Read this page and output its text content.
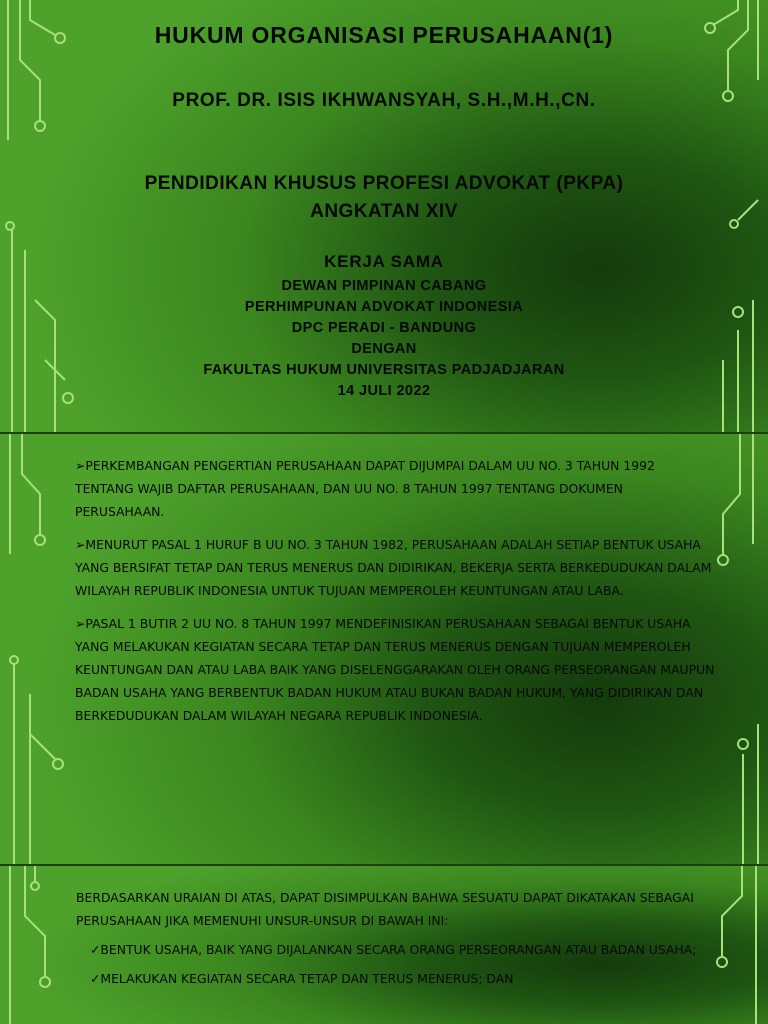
HUKUM ORGANISASI PERUSAHAAN(1)
PROF. DR. ISIS IKHWANSYAH, S.H.,M.H.,CN.
PENDIDIKAN KHUSUS PROFESI ADVOKAT (PKPA)
ANGKATAN XIV
KERJA SAMA
DEWAN PIMPINAN CABANG
PERHIMPUNAN ADVOKAT INDONESIA
DPC PERADI - BANDUNG
DENGAN
FAKULTAS HUKUM UNIVERSITAS PADJADJARAN
14 JULI 2022
➢PERKEMBANGAN PENGERTIAN PERUSAHAAN DAPAT DIJUMPAI DALAM UU NO. 3 TAHUN 1992 TENTANG WAJIB DAFTAR PERUSAHAAN, DAN UU NO. 8 TAHUN 1997 TENTANG DOKUMEN PERUSAHAAN.
➢MENURUT PASAL 1 HURUF B UU NO. 3 TAHUN 1982, PERUSAHAAN ADALAH SETIAP BENTUK USAHA YANG BERSIFAT TETAP DAN TERUS MENERUS DAN DIDIRIKAN, BEKERJA SERTA BERKEDUDUKAN DALAM WILAYAH REPUBLIK INDONESIA UNTUK TUJUAN MEMPEROLEH KEUNTUNGAN ATAU LABA.
➢PASAL 1 BUTIR 2 UU NO. 8 TAHUN 1997 MENDEFINISIKAN PERUSAHAAN SEBAGAI BENTUK USAHA YANG MELAKUKAN KEGIATAN SECARA TETAP DAN TERUS MENERUS DENGAN TUJUAN MEMPEROLEH KEUNTUNGAN DAN ATAU LABA BAIK YANG DISELENGGARAKAN OLEH ORANG PERSEORANGAN MAUPUN BADAN USAHA YANG BERBENTUK BADAN HUKUM ATAU BUKAN BADAN HUKUM, YANG DIDIRIKAN DAN BERKEDUDUKAN DALAM WILAYAH NEGARA REPUBLIK INDONESIA.
BERDASARKAN URAIAN DI ATAS, DAPAT DISIMPULKAN BAHWA SESUATU DAPAT DIKATAKAN SEBAGAI PERUSAHAAN JIKA MEMENUHI UNSUR-UNSUR DI BAWAH INI:
✓BENTUK USAHA, BAIK YANG DIJALANKAN SECARA ORANG PERSEORANGAN ATAU BADAN USAHA;
✓MELAKUKAN KEGIATAN SECARA TETAP DAN TERUS MENERUS; DAN
